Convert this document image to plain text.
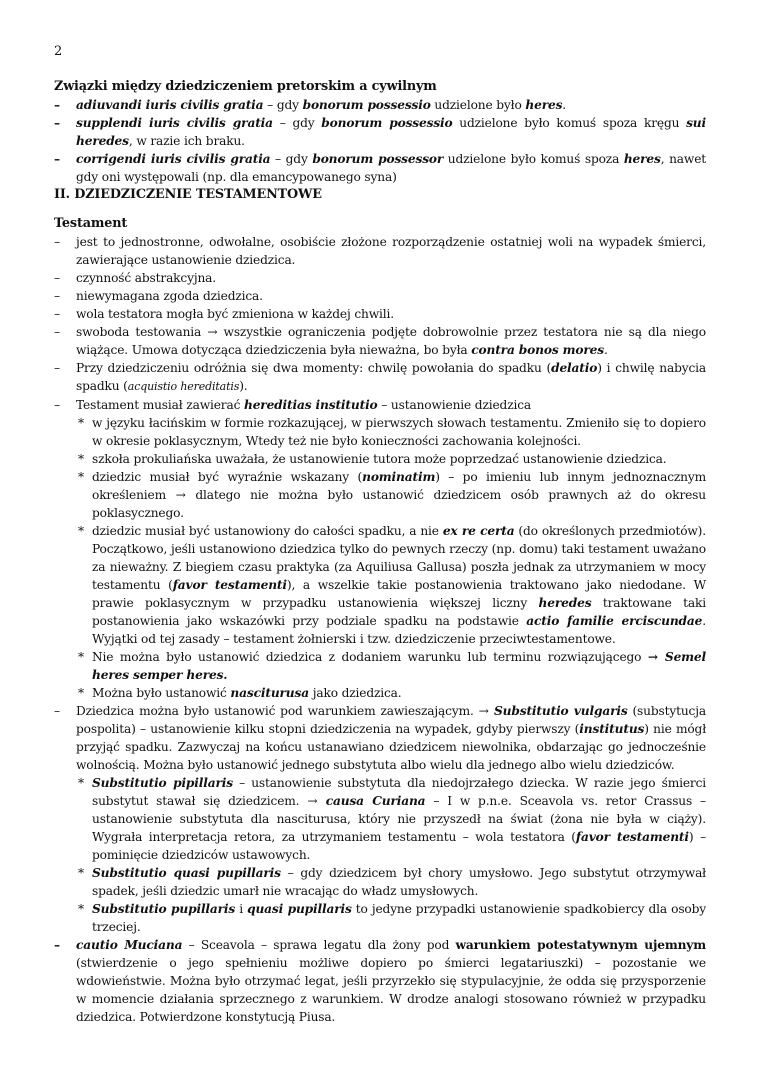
2

Związki między dziedziczeniem pretorskim a cywilnym

–	adiuvandi iuris civilis gratia – gdy bonorum possessio udzielone było heres.
–	supplendi iuris civilis gratia – gdy bonorum possessio udzielone było komuś spoza kręgu sui heredes, w razie ich braku.
–	corrigendi iuris civilis gratia – gdy bonorum possessor udzielone było komuś spoza heres, nawet gdy oni występowali (np. dla emancypowanego syna)

II. DZIEDZICZENIE TESTAMENTOWE

Testament

–	jest to jednostronne, odwołalne, osobiście złożone rozporządzenie ostatniej woli na wypadek śmierci, zawierające ustanowienie dziedzica.
–	czynność abstrakcyjna.
–	niewymagana zgoda dziedzica.
–	wola testatora mogła być zmieniona w każdej chwili.
–	swoboda testowania → wszystkie ograniczenia podjęte dobrowolnie przez testatora nie są dla niego wiążące. Umowa dotycząca dziedziczenia była nieważna, bo była contra bonos mores.
–	Przy dziedziczeniu odróżnia się dwa momenty: chwilę powołania do spadku (delatio) i chwilę nabycia spadku (acquistio hereditatis).
–	Testament musiał zawierać hereditias institutio – ustanowienie dziedzica
* w języku łacińskim w formie rozkazującej, w pierwszych słowach testamentu. Zmieniło się to dopiero w okresie poklasycznym, Wtedy też nie było konieczności zachowania kolejności.
* szkoła prokuliańska uważała, że ustanowienie tutora może poprzedzać ustanowienie dziedzica.
* dziedzic musiał być wyraźnie wskazany (nominatim) – po imieniu lub innym jednoznacznym określeniem → dlatego nie można było ustanowić dziedzicem osób prawnych aż do okresu poklasycznego.
* dziedzic musiał być ustanowiony do całości spadku, a nie ex re certa (do określonych przedmiotów). Początkowo, jeśli ustanowiono dziedzica tylko do pewnych rzeczy (np. domu) taki testament uważano za nieważny. Z biegiem czasu praktyka (za Aquiliusa Gallusa) poszła jednak za utrzymaniem w mocy testamentu (favor testamenti), a wszelkie takie postanowienia traktowano jako niedodane. W prawie poklasycznym w przypadku ustanowienia większej liczny heredes traktowane taki postanowienia jako wskazówki przy podziale spadku na podstawie actio familie erciscundae. Wyjątki od tej zasady – testament żołnierski i tzw. dziedziczenie przeciwtestamentowe.
* Nie można było ustanowić dziedzica z dodaniem warunku lub terminu rozwiązującego → Semel heres semper heres.
* Można było ustanowić nasciturusa jako dziedzica.
–	Dziedzica można było ustanowić pod warunkiem zawieszającym. → Substitutio vulgaris (substytucja pospolita) – ustanowienie kilku stopni dziedziczenia na wypadek, gdyby pierwszy (institutus) nie mógł przyjąć spadku. Zazwyczaj na końcu ustanawiano dziedzicem niewolnika, obdarzając go jednocześnie wolnością. Można było ustanowić jednego substytuta albo wielu dla jednego albo wielu dziedziców.
* Substitutio pipillaris – ustanowienie substytuta dla niedojrzałego dziecka. W razie jego śmierci substytut stawał się dziedzicem. → causa Curiana – I w p.n.e. Sceavola vs. retor Crassus – ustanowienie substytuta dla nasciturusa, który nie przyszedł na świat (żona nie była w ciąży). Wygrała interpretacja retora, za utrzymaniem testamentu – wola testatora (favor testamenti) – pominięcie dziedziców ustawowych.
* Substitutio quasi pupillaris – gdy dziedzicem był chory umysłowo. Jego substytut otrzymywał spadek, jeśli dziedzic umarł nie wracając do władz umysłowych.
* Substitutio pupillaris i quasi pupillaris to jedyne przypadki ustanowienie spadkobiercy dla osoby trzeciej.
–	cautio Muciana – Sceavola – sprawa legatu dla żony pod warunkiem potestatywnym ujemnym (stwierdzenie o jego spełnieniu możliwe dopiero po śmierci legatariuszki) – pozostanie we wdowieństwie. Można było otrzymać legat, jeśli przyrzekło się stypulacyjnie, że odda się przysporzenie w momencie działania sprzecznego z warunkiem. W drodze analogi stosowano również w przypadku dziedzica. Potwierdzone konstytucją Piusa.
